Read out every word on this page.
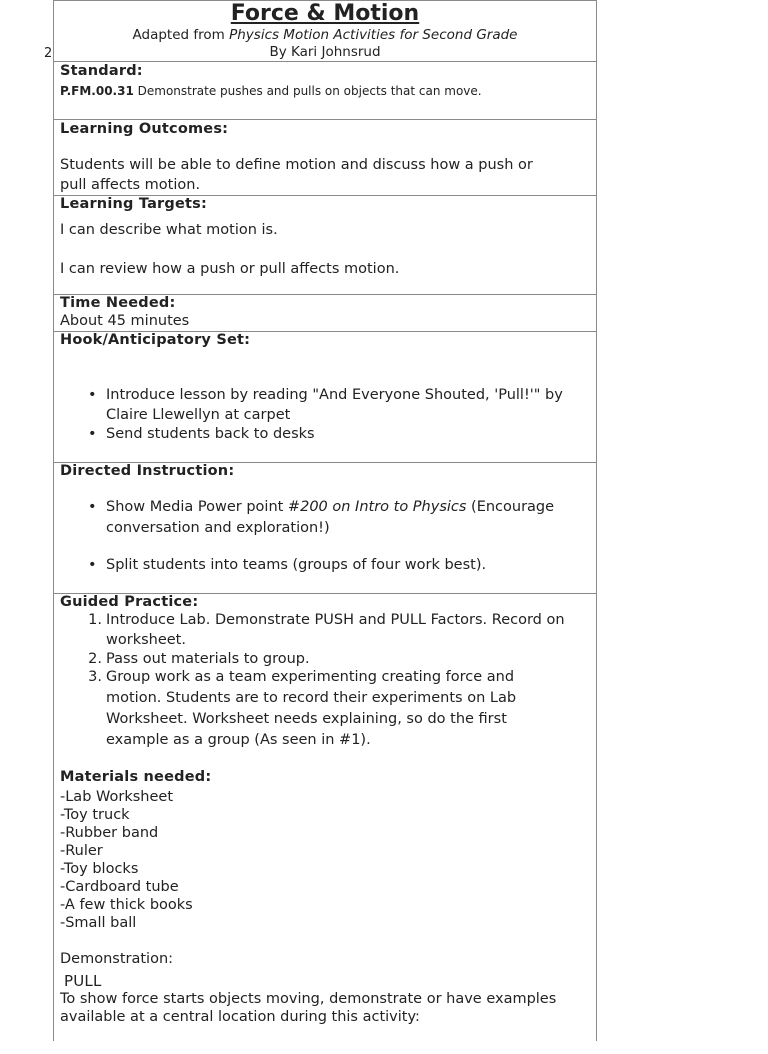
2
Force & Motion
Adapted from Physics Motion Activities for Second Grade
By Kari Johnsrud
Standard:
P.FM.00.31 Demonstrate pushes and pulls on objects that can move.
Learning Outcomes:
Students will be able to define motion and discuss how a push or
pull affects motion.
Learning Targets:
I can describe what motion is.
I can review how a push or pull affects motion.
Time Needed:
About 45 minutes
Hook/Anticipatory Set:
• Introduce lesson by reading "And Everyone Shouted, 'Pull!'" by
Claire Llewellyn at carpet
• Send students back to desks
Directed Instruction:
• Show Media Power point #200 on Intro to Physics (Encourage
conversation and exploration!)
• Split students into teams (groups of four work best).
Guided Practice:
1. Introduce Lab. Demonstrate PUSH and PULL Factors. Record on
worksheet.
2. Pass out materials to group.
3. Group work as a team experimenting creating force and
motion. Students are to record their experiments on Lab
Worksheet. Worksheet needs explaining, so do the first
example as a group (As seen in #1).
Materials needed:
-Lab Worksheet
-Toy truck
-Rubber band
-Ruler
-Toy blocks
-Cardboard tube
-A few thick books
-Small ball
Demonstration:
PULL
To show force starts objects moving, demonstrate or have examples
available at a central location during this activity:
